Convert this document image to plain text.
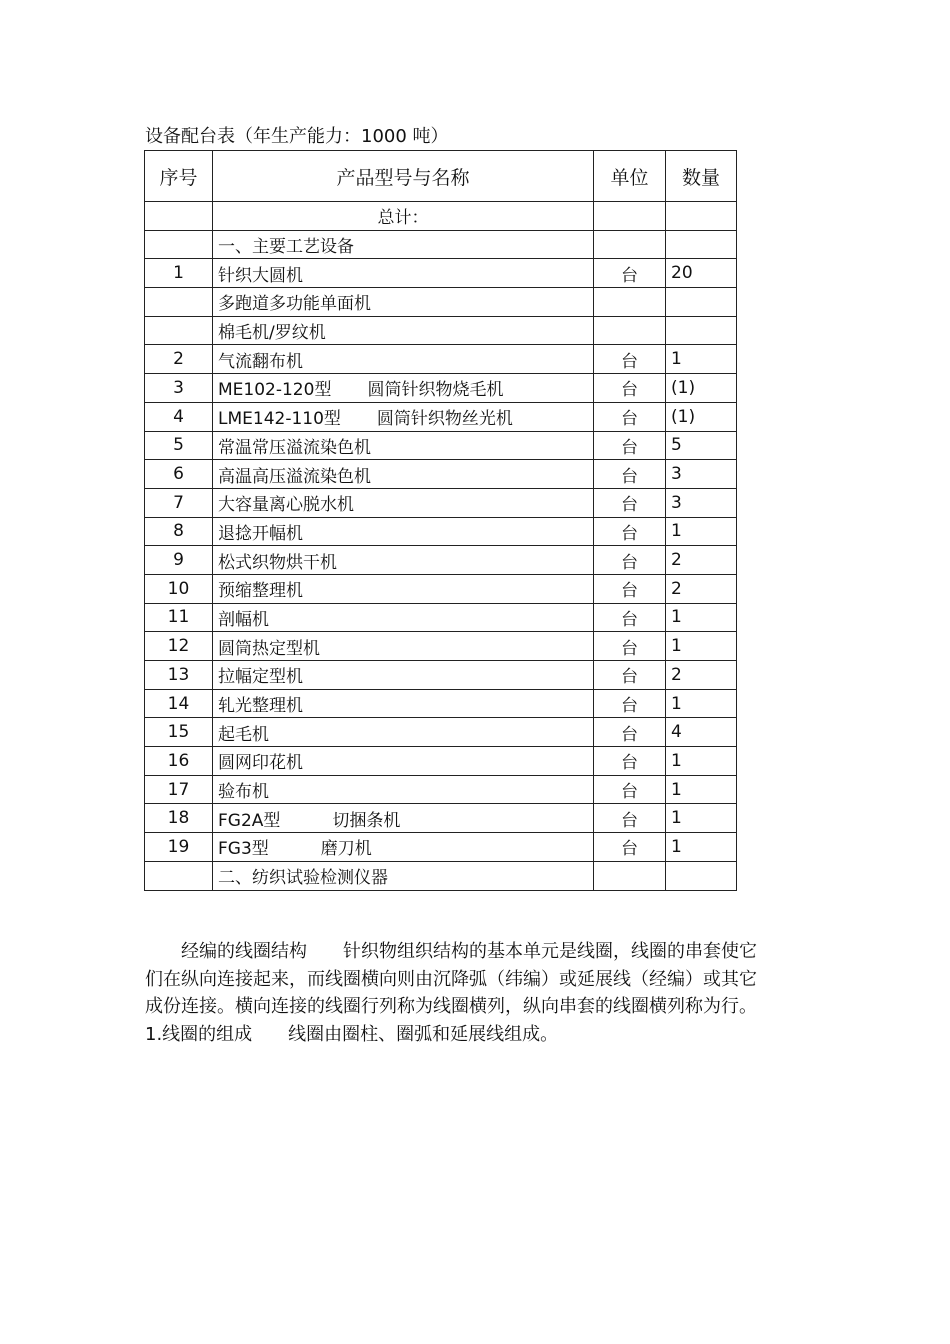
设备配台表（年生产能力：1000 吨）
序号	产品型号与名称	单位	数量
	总计：		
	一、主要工艺设备		
1	针织大圆机	台	20
	多跑道多功能单面机		
	棉毛机/罗纹机		
2	气流翻布机	台	1
3	ME102-120型 圆筒针织物烧毛机	台	(1)
4	LME142-110型 圆筒针织物丝光机	台	(1)
5	常温常压溢流染色机	台	5
6	高温高压溢流染色机	台	3
7	大容量离心脱水机	台	3
8	退捻开幅机	台	1
9	松式织物烘干机	台	2
10	预缩整理机	台	2
11	剖幅机	台	1
12	圆筒热定型机	台	1
13	拉幅定型机	台	2
14	轧光整理机	台	1
15	起毛机	台	4
16	圆网印花机	台	1
17	验布机	台	1
18	FG2A型 切捆条机	台	1
19	FG3型 磨刀机	台	1
	二、纺织试验检测仪器		
　　经编的线圈结构　　针织物组织结构的基本单元是线圈，线圈的串套使它
们在纵向连接起来，而线圈横向则由沉降弧（纬编）或延展线（经编）或其它
成份连接。横向连接的线圈行列称为线圈横列，纵向串套的线圈横列称为行。
1.线圈的组成　　线圈由圈柱、圈弧和延展线组成。
